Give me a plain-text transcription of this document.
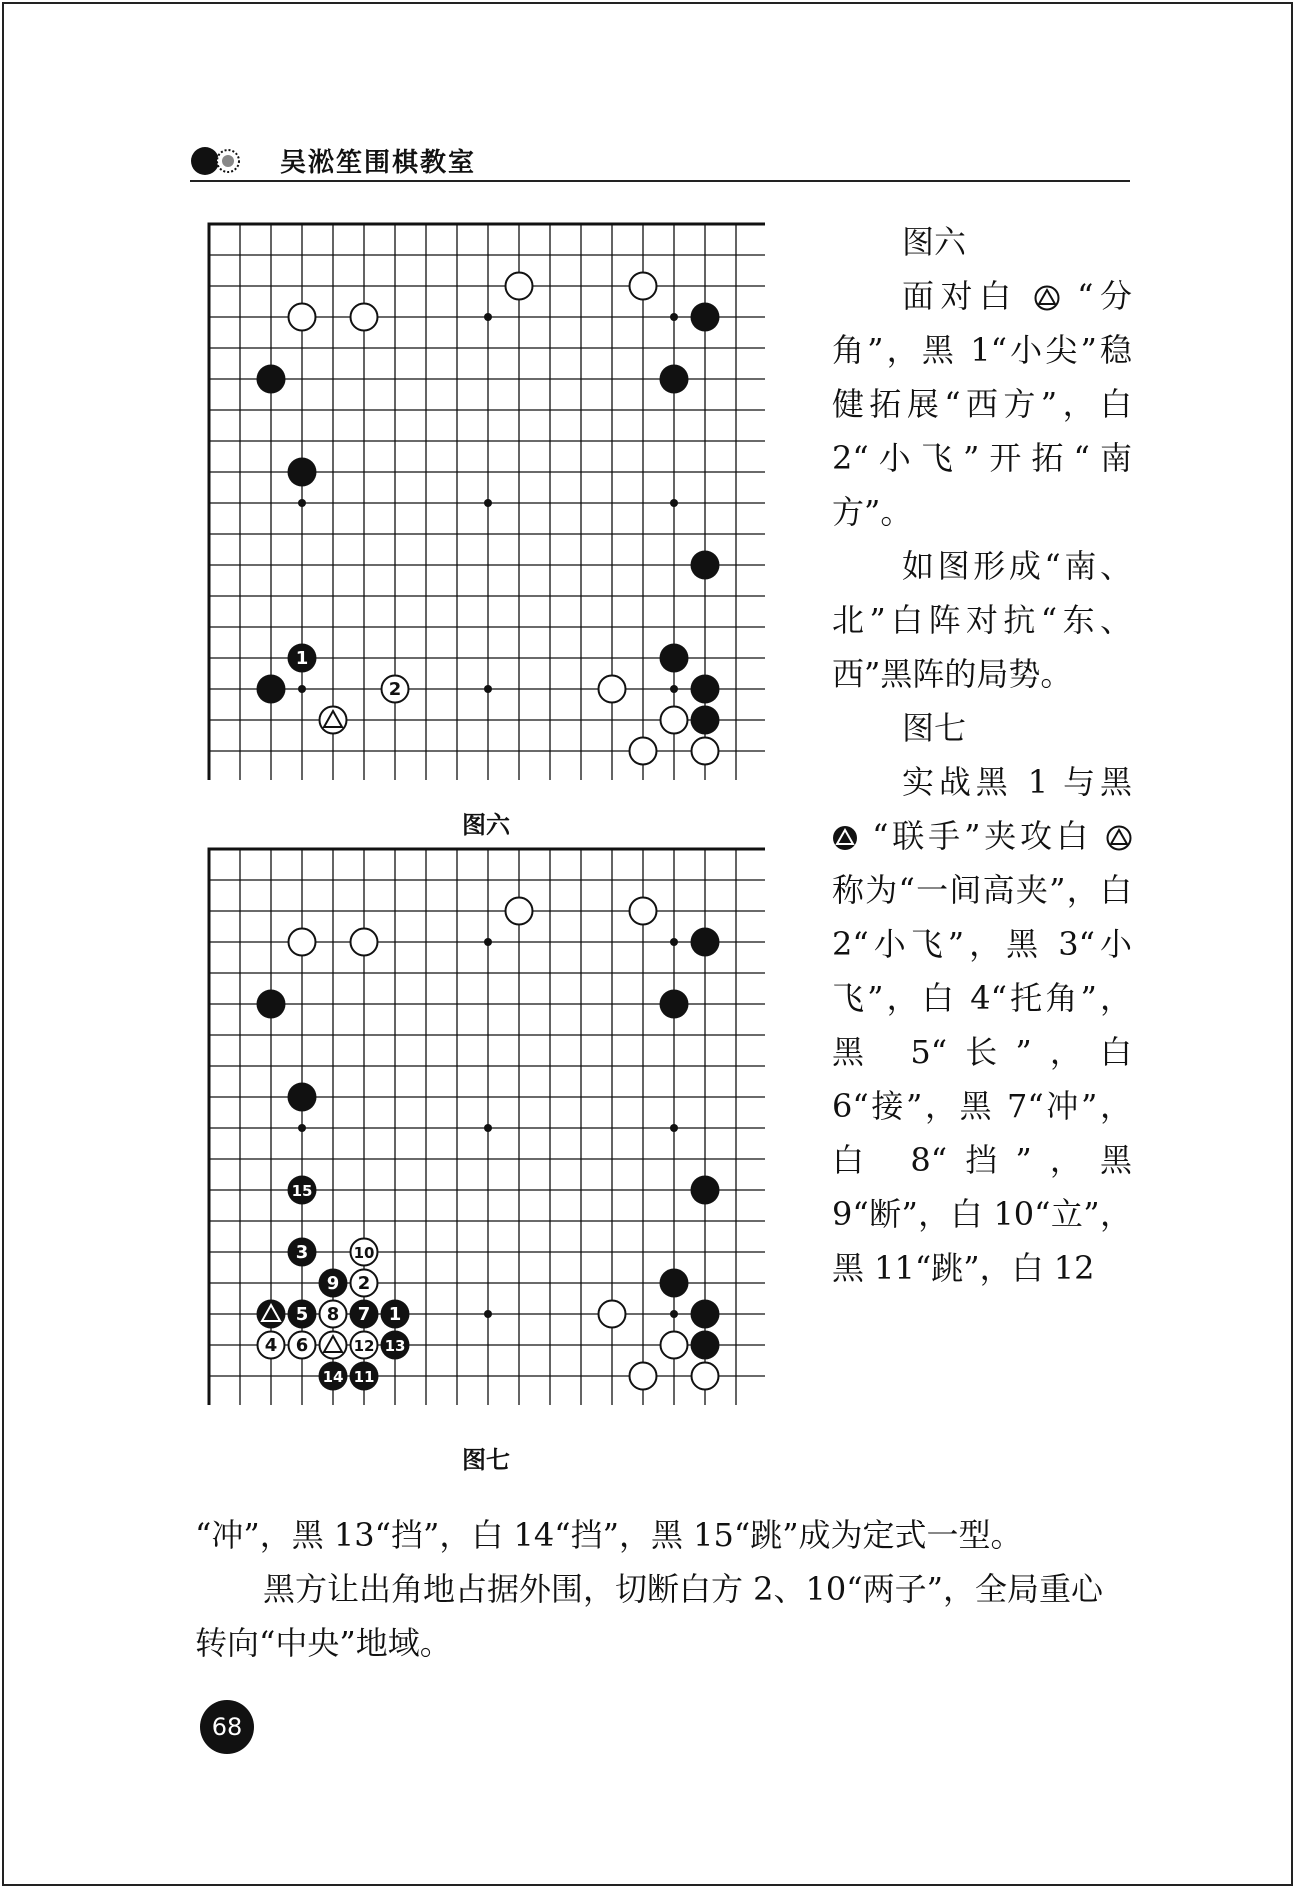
吴淞笙围棋教室
1
2
图六
15
3	10
9 2
5 8 7 1
4 6	12 13
14 11
图七

图六

面对白 “分角”，黑 1“小尖”稳健拓展“西方”，白 2“小飞”开拓“南方”。

如图形成“南、北”白阵对抗“东、西”黑阵的局势。

图七

实战黑 1 与黑  “联手”夹攻白  称为“一间高夹”，白 2“小飞”，黑 3“小飞”，白 4“托角”，黑 5“长”，白 6“接”，黑 7“冲”，白 8“挡”，黑 9“断”，白 10“立”，黑 11“跳”，白 12

“冲”，黑 13“挡”，白 14“挡”，黑 15“跳”成为定式一型。

黑方让出角地占据外围，切断白方 2、10“两子”，全局重心转向“中央”地域。

68
